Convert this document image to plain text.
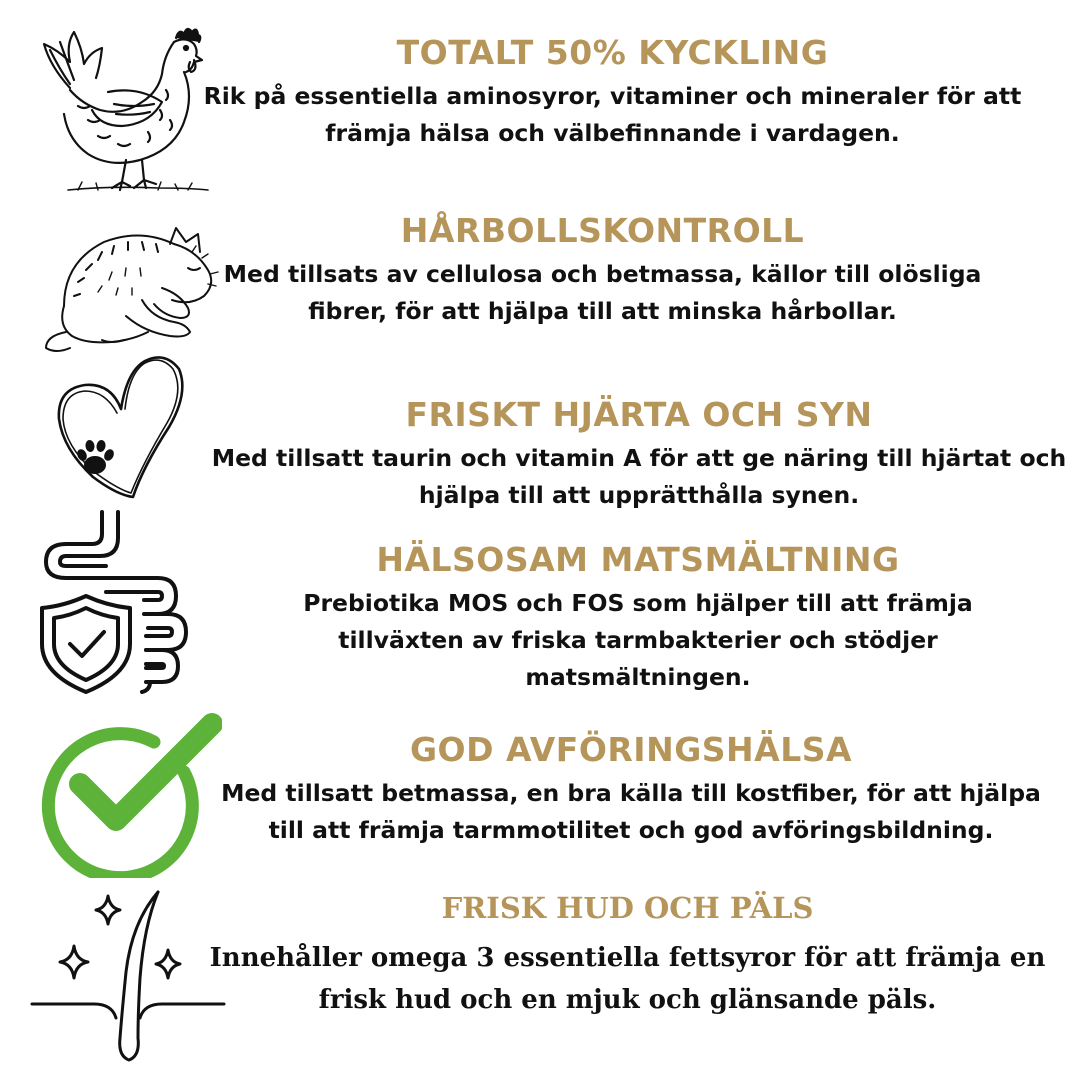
TOTALT 50% KYCKLING

Rik på essentiella aminosyror, vitaminer och mineraler för att
främja hälsa och välbefinnande i vardagen.

HÅRBOLLSKONTROLL

Med tillsats av cellulosa och betmassa, källor till olösliga
fibrer, för att hjälpa till att minska hårbollar.

FRISKT HJÄRTA OCH SYN

Med tillsatt taurin och vitamin A för att ge näring till hjärtat och
hjälpa till att upprätthålla synen.

HÄLSOSAM MATSMÄLTNING

Prebiotika MOS och FOS som hjälper till att främja
tillväxten av friska tarmbakterier och stödjer
matsmältningen.

GOD AVFÖRINGSHÄLSA

Med tillsatt betmassa, en bra källa till kostfiber, för att hjälpa
till att främja tarmmotilitet och god avföringsbildning.

FRISK HUD OCH PÄLS

Innehåller omega 3 essentiella fettsyror för att främja en
frisk hud och en mjuk och glänsande päls.
